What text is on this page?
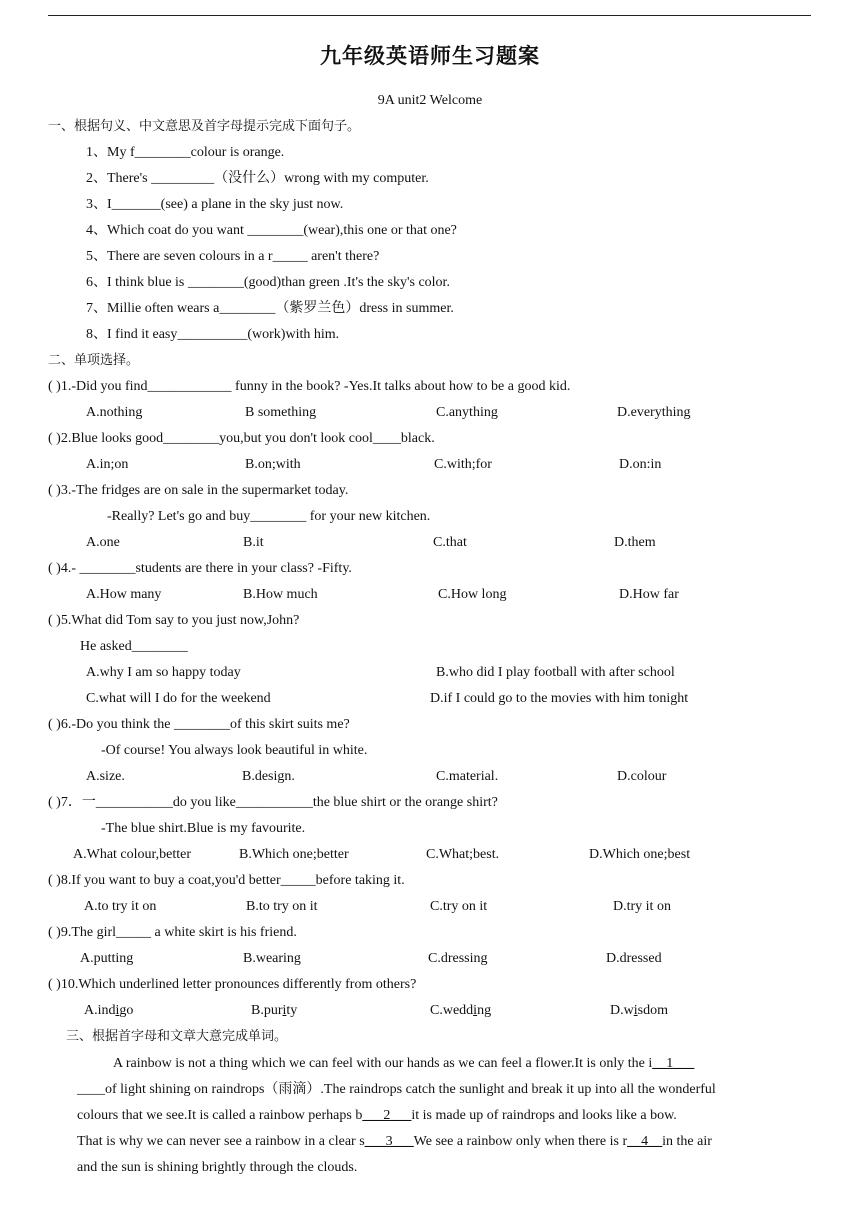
九年级英语师生习题案
9A unit2 Welcome
一、根据句义、中文意思及首字母提示完成下面句子。
1、My f________colour is orange.
2、There's _________（没什么）wrong with my computer.
3、I_______(see) a plane in the sky just now.
4、Which coat do you want ________(wear),this one or that one?
5、There are seven colours in a r_____ aren't there?
6、I think blue is ________(good)than green .It's the sky's color.
7、Millie often wears a________（紫罗兰色）dress in summer.
8、I find it easy__________(work)with him.
二、单项选择。
( )1.-Did you find____________ funny in the book? -Yes.It talks about how to be a good kid.
A.nothing	B something	C.anything	D.everything
( )2.Blue looks good________you,but you don't look cool____black.
A.in;on	B.on;with	C.with;for	D.on:in
( )3.-The fridges are on sale in the supermarket today.
-Really? Let's go and buy________ for your new kitchen.
A.one	B.it	C.that	D.them
( )4.- ________students are there in your class? -Fifty.
A.How many	B.How much	C.How long	D.How far
( )5.What did Tom say to you just now,John?
He asked________
A.why I am so happy today	B.who did I play football with after school
C.what will I do for the weekend	D.if I could go to the movies with him tonight
( )6.-Do you think the ________of this skirt suits me?
-Of course! You always look beautiful in white.
A.size.	B.design.	C.material.	D.colour
( )7．一___________do you like___________the blue shirt or the orange shirt?
-The blue shirt.Blue is my favourite.
A.What colour,better	B.Which one;better	C.What;best.	D.Which one;best
( )8.If you want to buy a coat,you'd better_____before taking it.
A.to try it on	B.to try on it	C.try on it	D.try it on
( )9.The girl_____ a white skirt is his friend.
A.putting	B.wearing	C.dressing	D.dressed
( )10.Which underlined letter pronounces differently from others?
A.indigo	B.purity	C.wedding	D.wisdom
三、根据首字母和文章大意完成单词。
A rainbow is not a thing which we can feel with our hands as we can feel a flower.It is only the i__1___
____of light shining on raindrops（雨滴）.The raindrops catch the sunlight and break it up into all the wonderful
colours that we see.It is called a rainbow perhaps b___2___it is made up of raindrops and looks like a bow.
That is why we can never see a rainbow in a clear s___3___We see a rainbow only when there is r__4__in the air
and the sun is shining brightly through the clouds.
